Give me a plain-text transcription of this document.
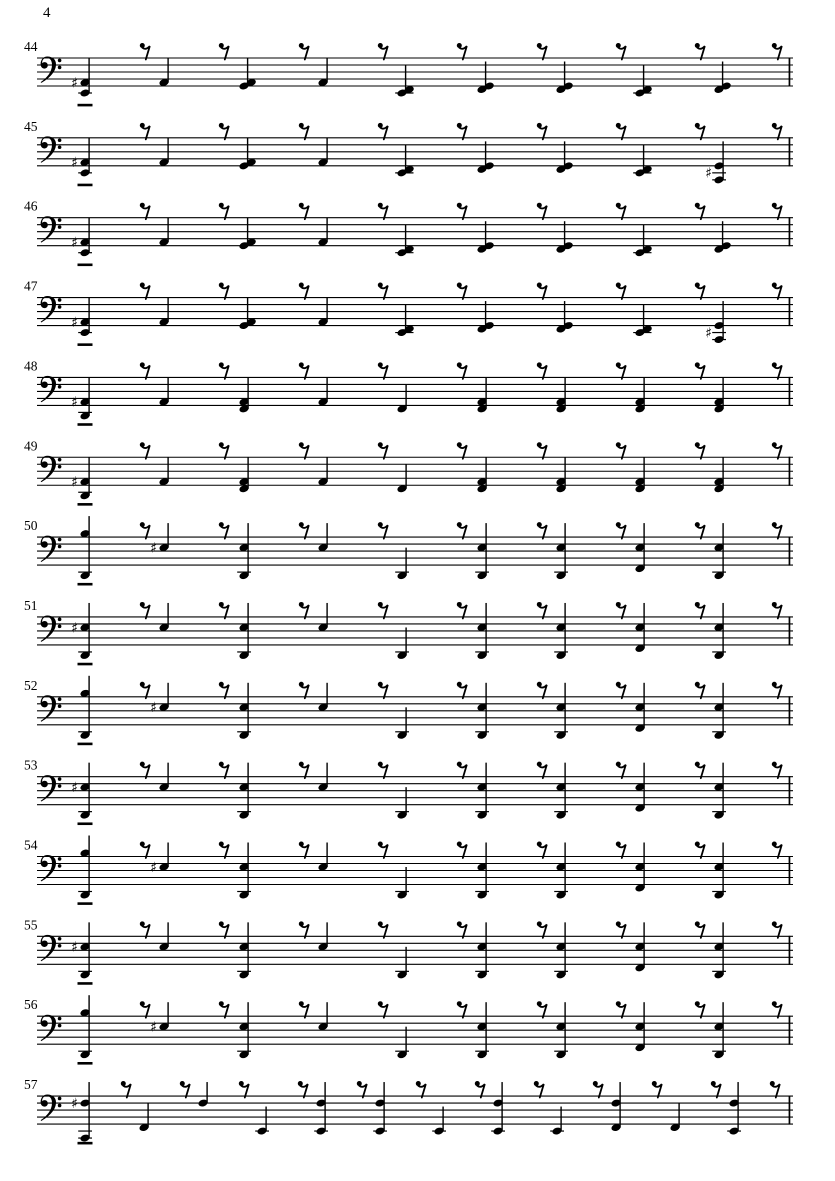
4
44
♯
45
♯
♯
46
♯
47
♯
♯
48
♯
49
♯
50
♯
51
♯
52
♯
53
♯
54
♯
55
♯
56
♯
57
♯
